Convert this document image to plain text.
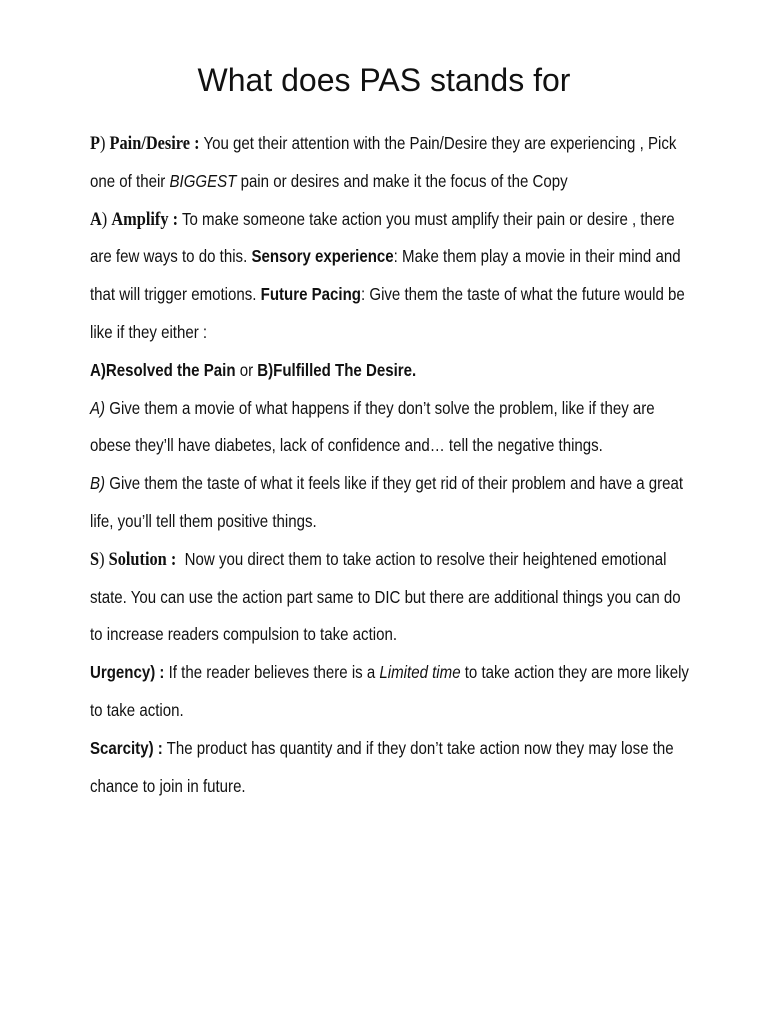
What does PAS stands for

P) Pain/Desire : You get their attention with the Pain/Desire they are experiencing , Pick one of their BIGGEST pain or desires and make it the focus of the Copy

A) Amplify : To make someone take action you must amplify their pain or desire , there are few ways to do this. Sensory experience: Make them play a movie in their mind and that will trigger emotions. Future Pacing: Give them the taste of what the future would be like if they either :

A)Resolved the Pain or B)Fulfilled The Desire.

A) Give them a movie of what happens if they don’t solve the problem, like if they are obese they’ll have diabetes, lack of confidence and… tell the negative things.

B) Give them the taste of what it feels like if they get rid of their problem and have a great life, you’ll tell them positive things.

S) Solution : Now you direct them to take action to resolve their heightened emotional state. You can use the action part same to DIC but there are additional things you can do to increase readers compulsion to take action.

Urgency) : If the reader believes there is a Limited time to take action they are more likely to take action.

Scarcity) : The product has quantity and if they don’t take action now they may lose the chance to join in future.
